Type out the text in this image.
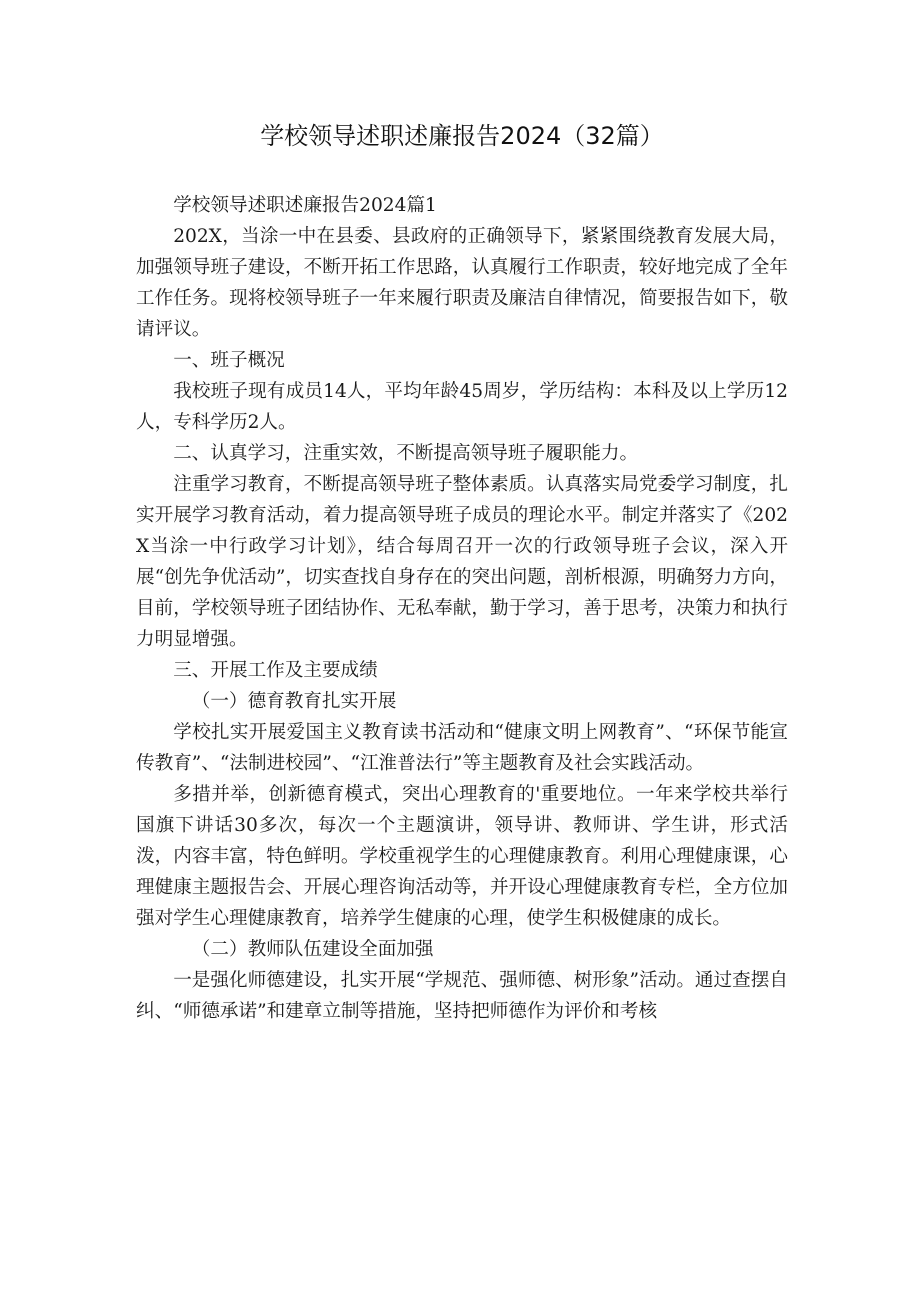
学校领导述职述廉报告2024（32篇）

学校领导述职述廉报告2024篇1

202X，当涂一中在县委、县政府的正确领导下，紧紧围绕教育发展大局，加强领导班子建设，不断开拓工作思路，认真履行工作职责，较好地完成了全年工作任务。现将校领导班子一年来履行职责及廉洁自律情况，简要报告如下，敬请评议。

一、班子概况

我校班子现有成员14人，平均年龄45周岁，学历结构：本科及以上学历12人，专科学历2人。

二、认真学习，注重实效，不断提高领导班子履职能力。

注重学习教育，不断提高领导班子整体素质。认真落实局党委学习制度，扎实开展学习教育活动，着力提高领导班子成员的理论水平。制定并落实了《202X当涂一中行政学习计划》，结合每周召开一次的行政领导班子会议，深入开展“创先争优活动”，切实查找自身存在的突出问题，剖析根源，明确努力方向，目前，学校领导班子团结协作、无私奉献，勤于学习，善于思考，决策力和执行力明显增强。

三、开展工作及主要成绩

（一）德育教育扎实开展

学校扎实开展爱国主义教育读书活动和“健康文明上网教育”、“环保节能宣传教育”、“法制进校园”、“江淮普法行”等主题教育及社会实践活动。

多措并举，创新德育模式，突出心理教育的'重要地位。一年来学校共举行国旗下讲话30多次，每次一个主题演讲，领导讲、教师讲、学生讲，形式活泼，内容丰富，特色鲜明。学校重视学生的心理健康教育。利用心理健康课，心理健康主题报告会、开展心理咨询活动等，并开设心理健康教育专栏，全方位加强对学生心理健康教育，培养学生健康的心理，使学生积极健康的成长。

（二）教师队伍建设全面加强

一是强化师德建设，扎实开展“学规范、强师德、树形象”活动。通过查摆自纠、“师德承诺”和建章立制等措施，坚持把师德作为评价和考核
